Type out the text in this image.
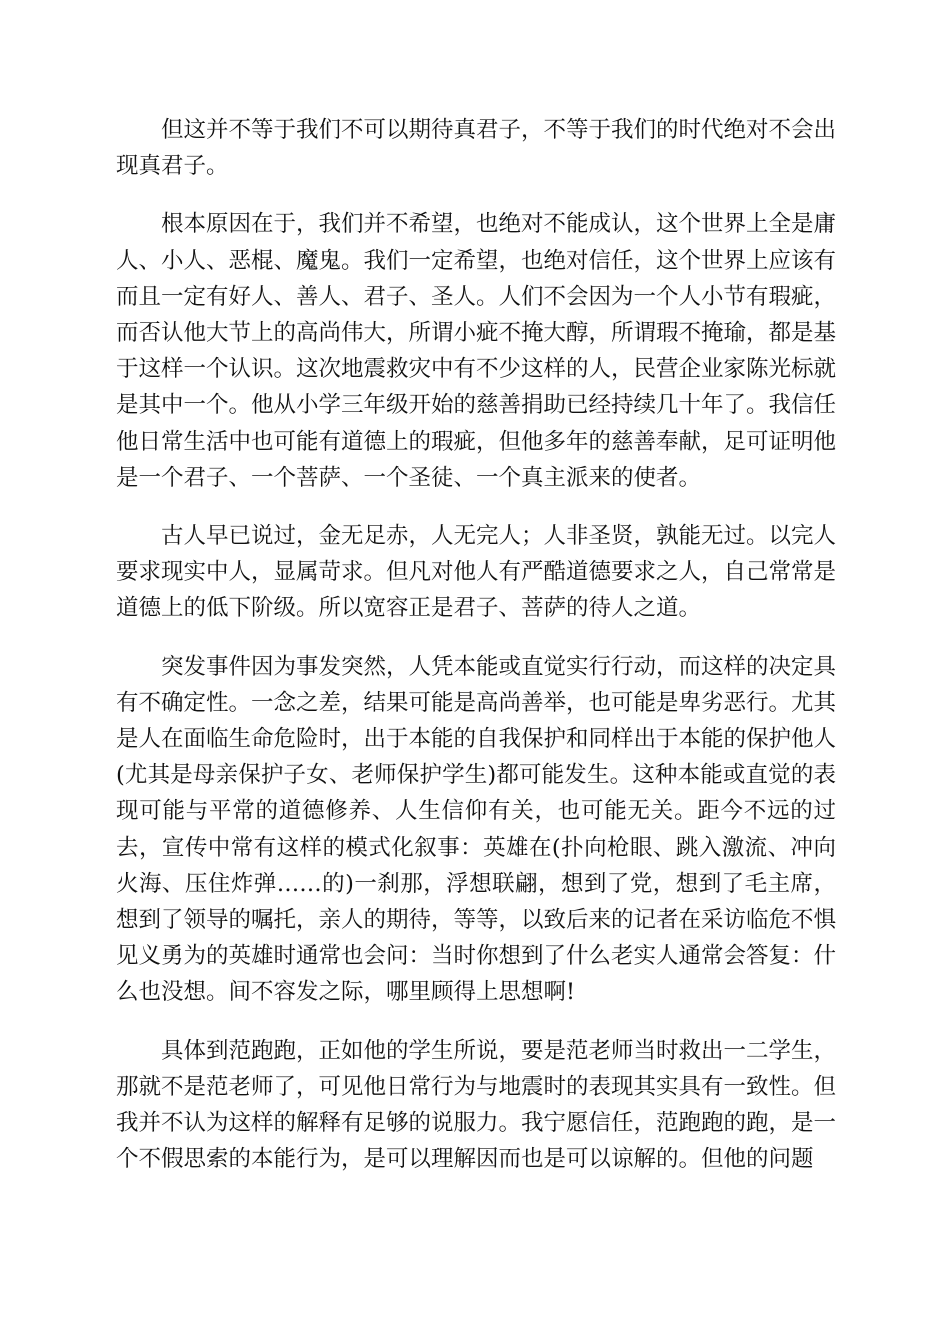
但这并不等于我们不可以期待真君子，不等于我们的时代绝对不会出现真君子。

根本原因在于，我们并不希望，也绝对不能成认，这个世界上全是庸人、小人、恶棍、魔鬼。我们一定希望，也绝对信任，这个世界上应该有而且一定有好人、善人、君子、圣人。人们不会因为一个人小节有瑕疵，而否认他大节上的高尚伟大，所谓小疵不掩大醇，所谓瑕不掩瑜，都是基于这样一个认识。这次地震救灾中有不少这样的人，民营企业家陈光标就是其中一个。他从小学三年级开始的慈善捐助已经持续几十年了。我信任他日常生活中也可能有道德上的瑕疵，但他多年的慈善奉献，足可证明他是一个君子、一个菩萨、一个圣徒、一个真主派来的使者。

古人早已说过，金无足赤，人无完人；人非圣贤，孰能无过。以完人要求现实中人，显属苛求。但凡对他人有严酷道德要求之人，自己常常是道德上的低下阶级。所以宽容正是君子、菩萨的待人之道。

突发事件因为事发突然，人凭本能或直觉实行行动，而这样的决定具有不确定性。一念之差，结果可能是高尚善举，也可能是卑劣恶行。尤其是人在面临生命危险时，出于本能的自我保护和同样出于本能的保护他人(尤其是母亲保护子女、老师保护学生)都可能发生。这种本能或直觉的表现可能与平常的道德修养、人生信仰有关，也可能无关。距今不远的过去，宣传中常有这样的模式化叙事：英雄在(扑向枪眼、跳入激流、冲向火海、压住炸弹……的)一刹那，浮想联翩，想到了党，想到了毛主席，想到了领导的嘱托，亲人的期待，等等，以致后来的记者在采访临危不惧见义勇为的英雄时通常也会问：当时你想到了什么老实人通常会答复：什么也没想。间不容发之际，哪里顾得上思想啊!

具体到范跑跑，正如他的学生所说，要是范老师当时救出一二学生，那就不是范老师了，可见他日常行为与地震时的表现其实具有一致性。但我并不认为这样的解释有足够的说服力。我宁愿信任，范跑跑的跑，是一个不假思索的本能行为，是可以理解因而也是可以谅解的。但他的问题
